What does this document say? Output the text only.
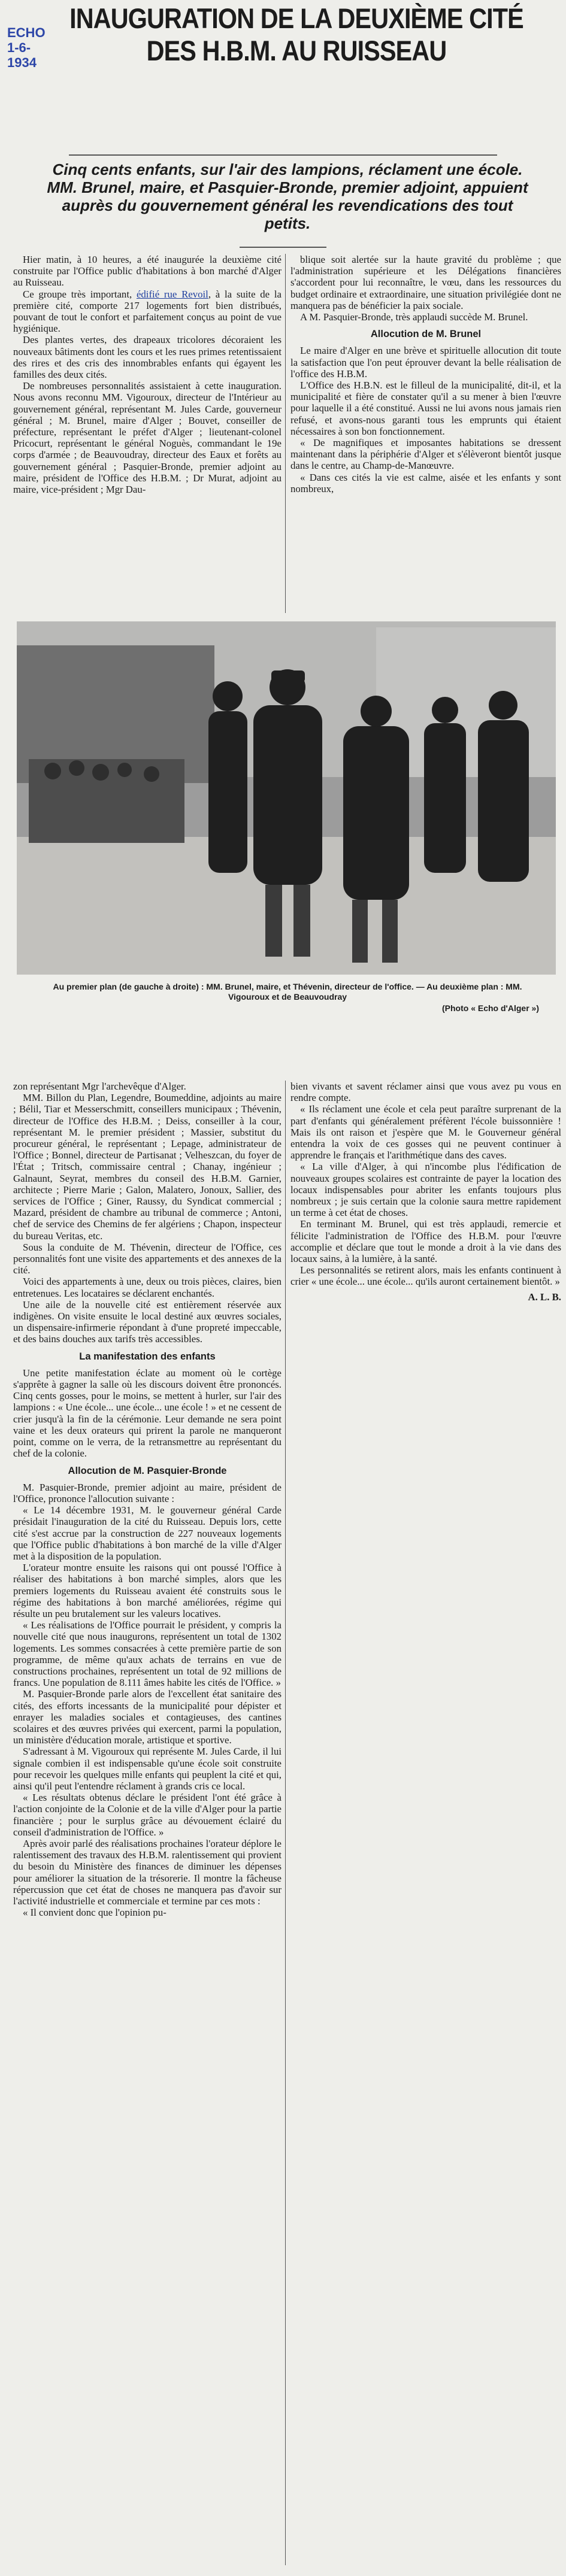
ECHO
1-6-1934
INAUGURATION DE LA DEUXIÈME CITÉ DES H.B.M. AU RUISSEAU

Cinq cents enfants, sur l'air des lampions, réclament une école. MM. Brunel, maire, et Pasquier-Bronde, premier adjoint, appuient auprès du gouvernement général les revendications des tout petits.

Hier matin, à 10 heures, a été inaugurée la deuxième cité construite par l'Office public d'habitations à bon marché d'Alger au Ruisseau.

Ce groupe très important, édifié rue Revoil, à la suite de la première cité, comporte 217 logements fort bien distribués, pouvant de tout le confort et parfaitement conçus au point de vue hygiénique.

Des plantes vertes, des drapeaux tricolores décoraient les nouveaux bâtiments dont les cours et les rues primes retentissaient des rires et des cris des innombrables enfants qui égayent les familles des deux cités.

De nombreuses personnalités assistaient à cette inauguration. Nous avons reconnu MM. Vigouroux, directeur de l'Intérieur au gouvernement général, représentant M. Jules Carde, gouverneur général ; M. Brunel, maire d'Alger ; Bouvet, conseiller de préfecture, représentant le préfet d'Alger ; lieutenant-colonel Pricocurt, représentant le général Noguès, commandant le 19e corps d'armée ; de Beauvoudray, directeur des Eaux et forêts au gouvernement général ; Pasquier-Bronde, premier adjoint au maire, président de l'Office des H.B.M. ; Dr Murat, adjoint au maire, vice-président ; Mgr Dau-

blique soit alertée sur la haute gravité du problème ; que l'administration supérieure et les Délégations financières s'accordent pour lui reconnaître, le vœu, dans les ressources du budget ordinaire et extraordinaire, une situation privilégiée dont ne manquera pas de bénéficier la paix sociale.

A M. Pasquier-Bronde, très applaudi succède M. Brunel.

Allocution de M. Brunel

Le maire d'Alger en une brève et spirituelle allocution dit toute la satisfaction que l'on peut éprouver devant la belle réalisation de l'office des H.B.M.

L'Office des H.B.N. est le filleul de la municipalité, dit-il, et la municipalité et fière de constater qu'il a su mener à bien l'œuvre pour laquelle il a été constitué. Aussi ne lui avons nous jamais rien refusé, et avons-nous garanti tous les emprunts qui étaient nécessaires à son bon fonctionnement.

« De magnifiques et imposantes habitations se dressent maintenant dans la périphérie d'Alger et s'élèveront bientôt jusque dans le centre, au Champ-de-Manœuvre.

« Dans ces cités la vie est calme, aisée et les enfants y sont nombreux,

Au premier plan (de gauche à droite) : MM. Brunel, maire, et Thévenin, directeur de l'office. — Au deuxième plan : MM. Vigouroux et de Beauvoudray
(Photo « Echo d'Alger »)

zon représentant Mgr l'archevêque d'Alger.

MM. Billon du Plan, Legendre, Boumeddine, adjoints au maire ; Bélil, Tiar et Messerschmitt, conseillers municipaux ; Thévenin, directeur de l'Office des H.B.M. ; Deiss, conseiller à la cour, représentant M. le premier président ; Massier, substitut du procureur général, le représentant ; Lepage, administrateur de l'Office ; Bonnel, directeur de Partisanat ; Velheszcan, du foyer de l'État ; Tritsch, commissaire central ; Chanay, ingénieur ; Galnaunt, Seyrat, membres du conseil des H.B.M. Garnier, architecte ; Pierre Marie ; Galon, Malatero, Jonoux, Sallier, des services de l'Office ; Giner, Raussy, du Syndicat commercial ; Mazard, président de chambre au tribunal de commerce ; Antoni, chef de service des Chemins de fer algériens ; Chapon, inspecteur du bureau Veritas, etc.

Sous la conduite de M. Thévenin, directeur de l'Office, ces personnalités font une visite des appartements et des annexes de la cité.

Voici des appartements à une, deux ou trois pièces, claires, bien entretenues. Les locataires se déclarent enchantés.

Une aile de la nouvelle cité est entièrement réservée aux indigènes. On visite ensuite le local destiné aux œuvres sociales, un dispensaire-infirmerie répondant à d'une propreté impeccable, et des bains douches aux tarifs très accessibles.

La manifestation des enfants

Une petite manifestation éclate au moment où le cortège s'apprête à gagner la salle où les discours doivent être prononcés. Cinq cents gosses, pour le moins, se mettent à hurler, sur l'air des lampions : « Une école... une école... une école ! » et ne cessent de crier jusqu'à la fin de la cérémonie. Leur demande ne sera point vaine et les deux orateurs qui prirent la parole ne manqueront point, comme on le verra, de la retransmettre au représentant du chef de la colonie.

Allocution de M. Pasquier-Bronde

M. Pasquier-Bronde, premier adjoint au maire, président de l'Office, prononce l'allocution suivante :

« Le 14 décembre 1931, M. le gouverneur général Carde présidait l'inauguration de la cité du Ruisseau. Depuis lors, cette cité s'est accrue par la construction de 227 nouveaux logements que l'Office public d'habitations à bon marché de la ville d'Alger met à la disposition de la population.

L'orateur montre ensuite les raisons qui ont poussé l'Office à réaliser des habitations à bon marché simples, alors que les premiers logements du Ruisseau avaient été construits sous le régime des habitations à bon marché améliorées, régime qui résulte un peu brutalement sur les valeurs locatives.

« Les réalisations de l'Office pourrait le président, y compris la nouvelle cité que nous inaugurons, représentent un total de 1302 logements. Les sommes consacrées à cette première partie de son programme, de même qu'aux achats de terrains en vue de constructions prochaines, représentent un total de 92 millions de francs. Une population de 8.111 âmes habite les cités de l'Office. »

M. Pasquier-Bronde parle alors de l'excellent état sanitaire des cités, des efforts incessants de la municipalité pour dépister et enrayer les maladies sociales et contagieuses, des cantines scolaires et des œuvres privées qui exercent, parmi la population, un ministère d'éducation morale, artistique et sportive.

S'adressant à M. Vigouroux qui représente M. Jules Carde, il lui signale combien il est indispensable qu'une école soit construite pour recevoir les quelques mille enfants qui peuplent la cité et qui, ainsi qu'il peut l'entendre réclament à grands cris ce local.

« Les résultats obtenus déclare le président l'ont été grâce à l'action conjointe de la Colonie et de la ville d'Alger pour la partie financière ; pour le surplus grâce au dévouement éclairé du conseil d'administration de l'Office. »

Après avoir parlé des réalisations prochaines l'orateur déplore le ralentissement des travaux des H.B.M. ralentissement qui provient du besoin du Ministère des finances de diminuer les dépenses pour améliorer la situation de la trésorerie. Il montre la fâcheuse répercussion que cet état de choses ne manquera pas d'avoir sur l'activité industrielle et commerciale et termine par ces mots :

« Il convient donc que l'opinion pu-

bien vivants et savent réclamer ainsi que vous avez pu vous en rendre compte.

« Ils réclament une école et cela peut paraître surprenant de la part d'enfants qui généralement préfèrent l'école buissonnière ! Mais ils ont raison et j'espère que M. le Gouverneur général entendra la voix de ces gosses qui ne peuvent continuer à apprendre le français et l'arithmétique dans des caves.

« La ville d'Alger, à qui n'incombe plus l'édification de nouveaux groupes scolaires est contrainte de payer la location des locaux indispensables pour abriter les enfants toujours plus nombreux ; je suis certain que la colonie saura mettre rapidement un terme à cet état de choses.

En terminant M. Brunel, qui est très applaudi, remercie et félicite l'administration de l'Office des H.B.M. pour l'œuvre accomplie et déclare que tout le monde a droit à la vie dans des locaux sains, à la lumière, à la santé.

Les personnalités se retirent alors, mais les enfants continuent à crier « une école... une école... qu'ils auront certainement bientôt. »

A. L. B.
